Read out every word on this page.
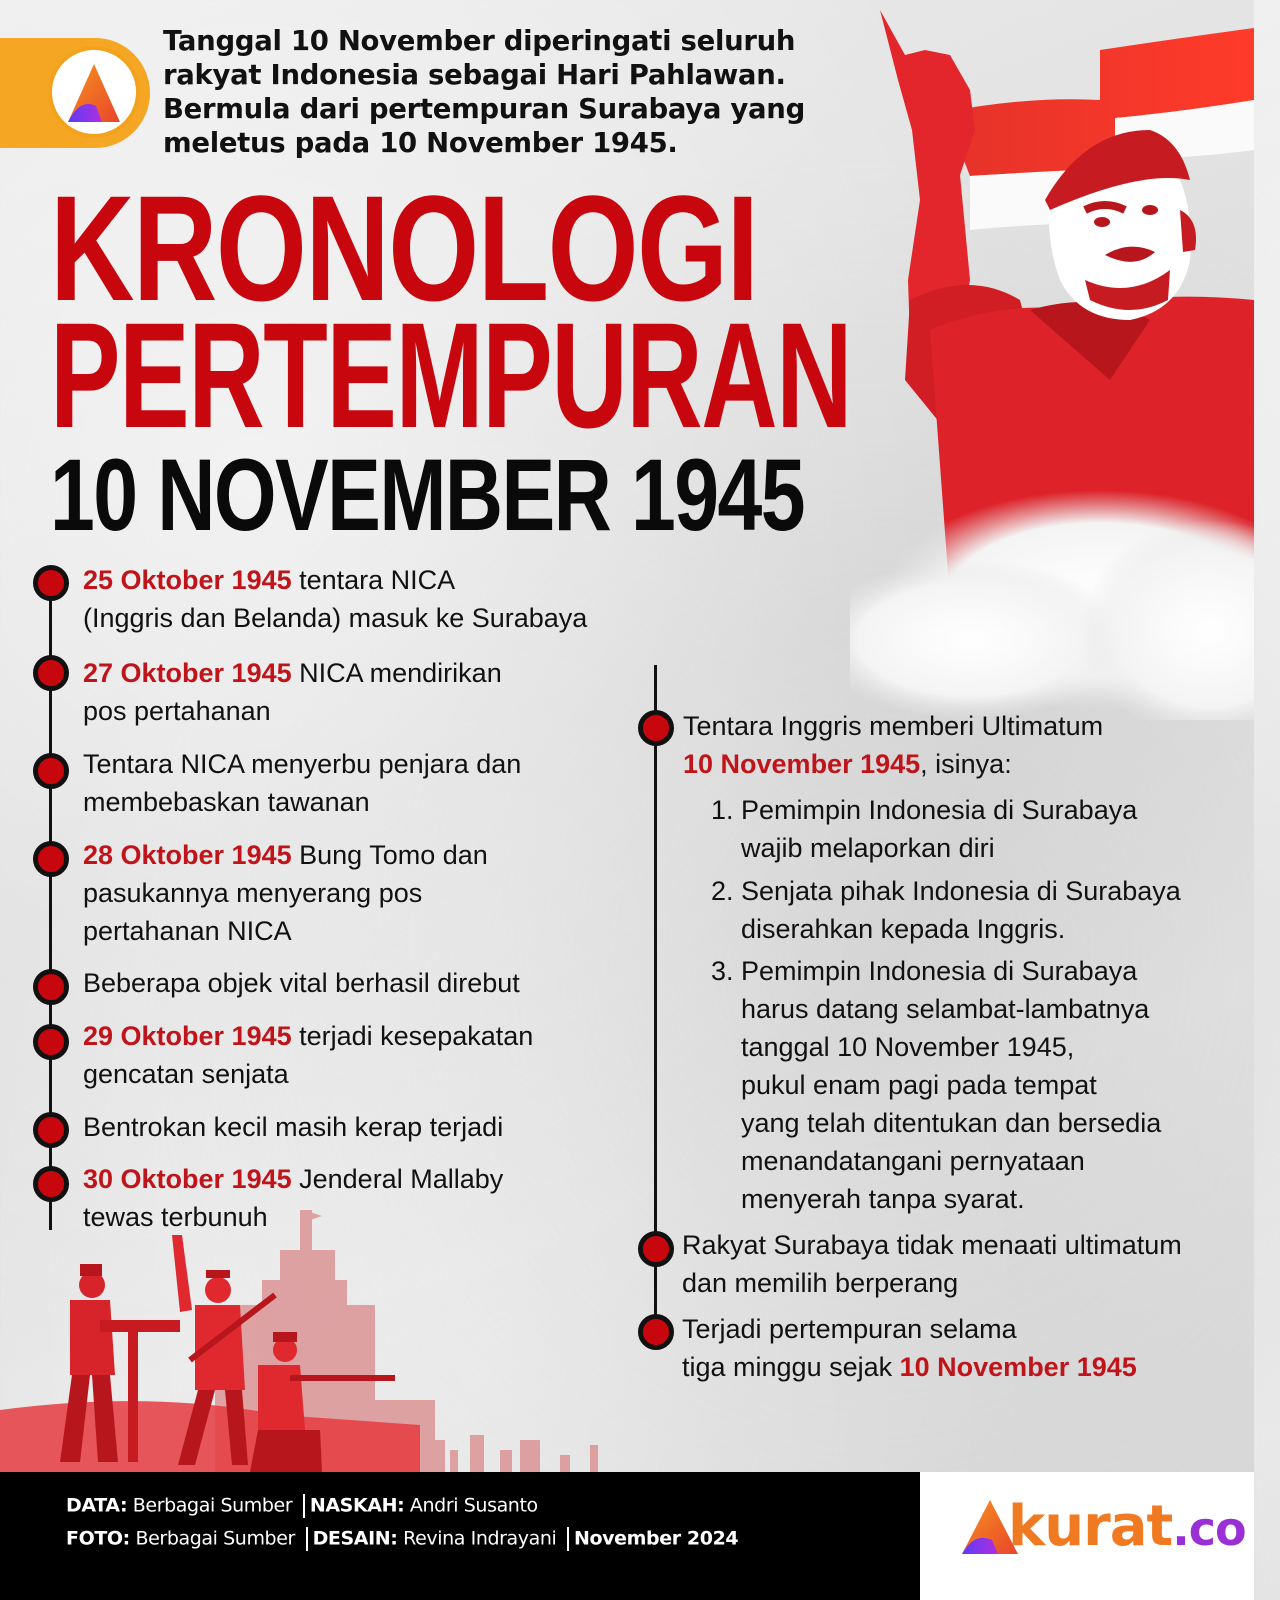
Tanggal 10 November diperingati seluruh
rakyat Indonesia sebagai Hari Pahlawan.
Bermula dari pertempuran Surabaya yang
meletus pada 10 November 1945.
KRONOLOGI
PERTEMPURAN
10 NOVEMBER 1945
25 Oktober 1945 tentara NICA
(Inggris dan Belanda) masuk ke Surabaya
27 Oktober 1945 NICA mendirikan
pos pertahanan
Tentara NICA menyerbu penjara dan
membebaskan tawanan
28 Oktober 1945 Bung Tomo dan
pasukannya menyerang pos
pertahanan NICA
Beberapa objek vital berhasil direbut
29 Oktober 1945 terjadi kesepakatan
gencatan senjata
Bentrokan kecil masih kerap terjadi
30 Oktober 1945 Jenderal Mallaby
tewas terbunuh
Tentara Inggris memberi Ultimatum
10 November 1945, isinya:
1. Pemimpin Indonesia di Surabaya
wajib melaporkan diri
2. Senjata pihak Indonesia di Surabaya
diserahkan kepada Inggris.
3. Pemimpin Indonesia di Surabaya
harus datang selambat-lambatnya
tanggal 10 November 1945,
pukul enam pagi pada tempat
yang telah ditentukan dan bersedia
menandatangani pernyataan
menyerah tanpa syarat.
Rakyat Surabaya tidak menaati ultimatum
dan memilih berperang
Terjadi pertempuran selama
tiga minggu sejak 10 November 1945
DATA: Berbagai Sumber NASKAH: Andri Susanto
FOTO: Berbagai Sumber DESAIN: Revina Indrayani November 2024	kurat.co
